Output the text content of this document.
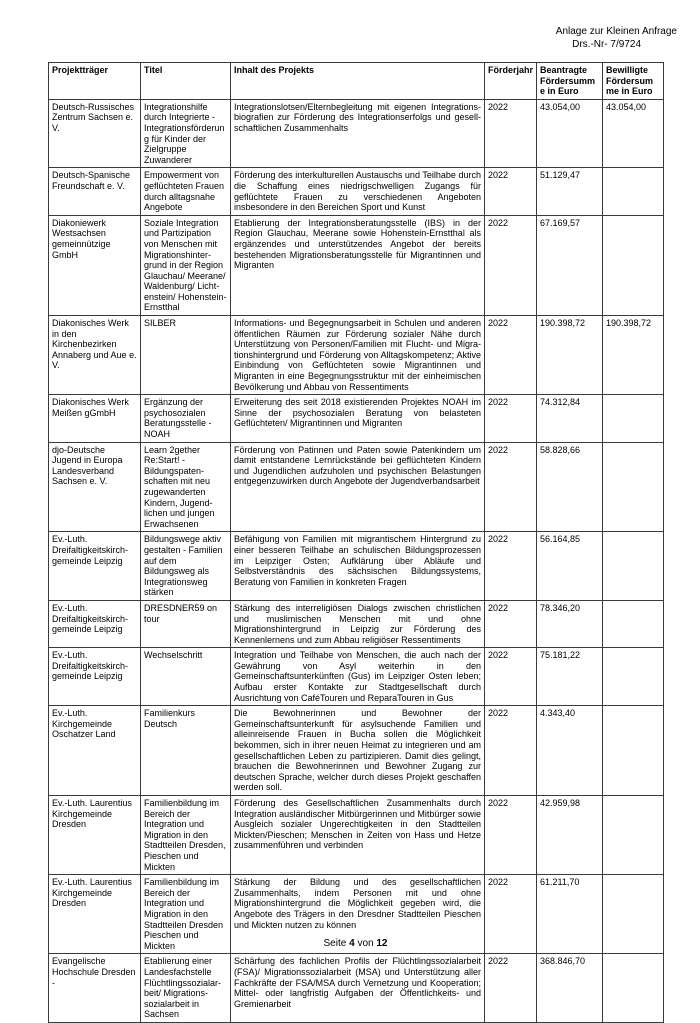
Anlage zur Kleinen Anfrage
Drs.-Nr- 7/9724
Projektträger	Titel	Inhalt des Projekts	Förderjahr	Beantragte Fördersumme in Euro	Bewilligte Fördersumme in Euro
Deutsch-Russisches Zentrum Sachsen e. V.	Integrationshilfe durch Integrierte - Integrationsförderung für Kinder der Zielgruppe Zuwanderer	Integrationslotsen/Elternbegleitung mit eigenen Integrations-biografien zur Förderung des Integrationserfolgs und gesell-schaftlichen Zusammenhalts	2022	43.054,00	43.054,00
Deutsch-Spanische Freundschaft e. V.	Empowerment von geflüchteten Frauen durch alltagsnahe Angebote	Förderung des interkulturellen Austauschs und Teilhabe durch die Schaffung eines niedrigschwelligen Zugangs für geflüchtete Frauen zu verschiedenen Angeboten insbesondere in den Bereichen Sport und Kunst	2022	51.129,47	
Diakoniewerk Westsachsen gemeinnützige GmbH	Soziale Integration und Partizipation von Menschen mit Migrationshinter-grund in der Region Glauchau/ Meerane/ Waldenburg/ Licht-enstein/ Hohenstein-Ernstthal	Etablierung der Integrationsberatungsstelle (IBS) in der Region Glauchau, Meerane sowie Hohenstein-Ernstthal als ergänzendes und unterstützendes Angebot der bereits bestehenden Migrationsberatungsstelle für Migrantinnen und Migranten	2022	67.169,57	
Diakonisches Werk in den Kirchenbezirken Annaberg und Aue e. V.	SILBER	Informations- und Begegnungsarbeit in Schulen und anderen öffentlichen Räumen zur Förderung sozialer Nähe durch Unterstützung von Personen/Familien mit Flucht- und Migra-tionshintergrund und Förderung von Alltagskompetenz; Aktive Einbindung von Geflüchteten sowie Migrantinnen und Migranten in eine Begegnungsstruktur mit der einheimischen Bevölkerung und Abbau von Ressentiments	2022	190.398,72	190.398,72
Diakonisches Werk Meißen gGmbH	Ergänzung der psychosozialen Beratungsstelle - NOAH	Erweiterung des seit 2018 existierenden Projektes NOAH im Sinne der psychosozialen Beratung von belasteten Geflüchteten/ Migrantinnen und Migranten	2022	74.312,84	
djo-Deutsche Jugend in Europa Landesverband Sachsen e. V.	Learn 2gether Re:Start! - Bildungspaten-schaften mit neu zugewanderten Kindern, Jugend-lichen und jungen Erwachsenen	Förderung von Patinnen und Paten sowie Patenkindern um damit entstandene Lernrückstände bei geflüchteten Kindern und Jugendlichen aufzuholen und psychischen Belastungen entgegenzuwirken durch Angebote der Jugendverbandsarbeit	2022	58.828,66	
Ev.-Luth. Dreifaltigkeitskirch-gemeinde Leipzig	Bildungswege aktiv gestalten - Familien auf dem Bildungsweg als Integrationsweg stärken	Befähigung von Familien mit migrantischem Hintergrund zu einer besseren Teilhabe an schulischen Bildungsprozessen im Leipziger Osten; Aufklärung über Abläufe und Selbstverständnis des sächsischen Bildungssystems, Beratung von Familien in konkreten Fragen	2022	56.164,85	
Ev.-Luth. Dreifaltigkeitskirch-gemeinde Leipzig	DRESDNER59 on tour	Stärkung des interreligiösen Dialogs zwischen christlichen und muslimischen Menschen mit und ohne Migrationshintergrund in Leipzig zur Förderung des Kennenlernens und zum Abbau religiöser Ressentiments	2022	78.346,20	
Ev.-Luth. Dreifaltigkeitskirch-gemeinde Leipzig	Wechselschritt	Integration und Teilhabe von Menschen, die auch nach der Gewährung von Asyl weiterhin in den Gemeinschaftsunterkünften (Gus) im Leipziger Osten leben; Aufbau erster Kontakte zur Stadtgesellschaft durch Ausrichtung von CaféTouren und ReparaTouren in Gus	2022	75.181,22	
Ev.-Luth. Kirchgemeinde Oschatzer Land	Familienkurs Deutsch	Die Bewohnerinnen und Bewohner der Gemeinschaftsunterkunft für asylsuchende Familien und alleinreisende Frauen in Bucha sollen die Möglichkeit bekommen, sich in ihrer neuen Heimat zu integrieren und am gesellschaftlichen Leben zu partizipieren. Damit dies gelingt, brauchen die Bewohnerinnen und Bewohner Zugang zur deutschen Sprache, welcher durch dieses Projekt geschaffen werden soll.	2022	4.343,40	
Ev.-Luth. Laurentius Kirchgemeinde Dresden	Familienbildung im Bereich der Integration und Migration in den Stadtteilen Dresden, Pieschen und Mickten	Förderung des Gesellschaftlichen Zusammenhalts durch Integration ausländischer Mitbürgerinnen und Mitbürger sowie Ausgleich sozialer Ungerechtigkeiten in den Stadtteilen Mickten/Pieschen; Menschen in Zeiten von Hass und Hetze zusammenführen und verbinden	2022	42.959,98	
Ev.-Luth. Laurentius Kirchgemeinde Dresden	Familienbildung im Bereich der Integration und Migration in den Stadtteilen Dresden Pieschen und Mickten	Stärkung der Bildung und des gesellschaftlichen Zusammenhalts, indem Personen mit und ohne Migrationshintergrund die Möglichkeit gegeben wird, die Angebote des Trägers in den Dresdner Stadtteilen Pieschen und Mickten nutzen zu können	2022	61.211,70	
Evangelische Hochschule Dresden -	Etablierung einer Landesfachstelle Flüchtlingssozialar-beit/ Migrations-sozialarbeit in Sachsen	Schärfung des fachlichen Profils der Flüchtlingssozialarbeit (FSA)/ Migrationssozialarbeit (MSA) und Unterstützung aller Fachkräfte der FSA/MSA durch Vernetzung und Kooperation; Mittel- oder langfristig Aufgaben der Öffentlichkeits- und Gremienarbeit	2022	368.846,70	
Seite 4 von 12
